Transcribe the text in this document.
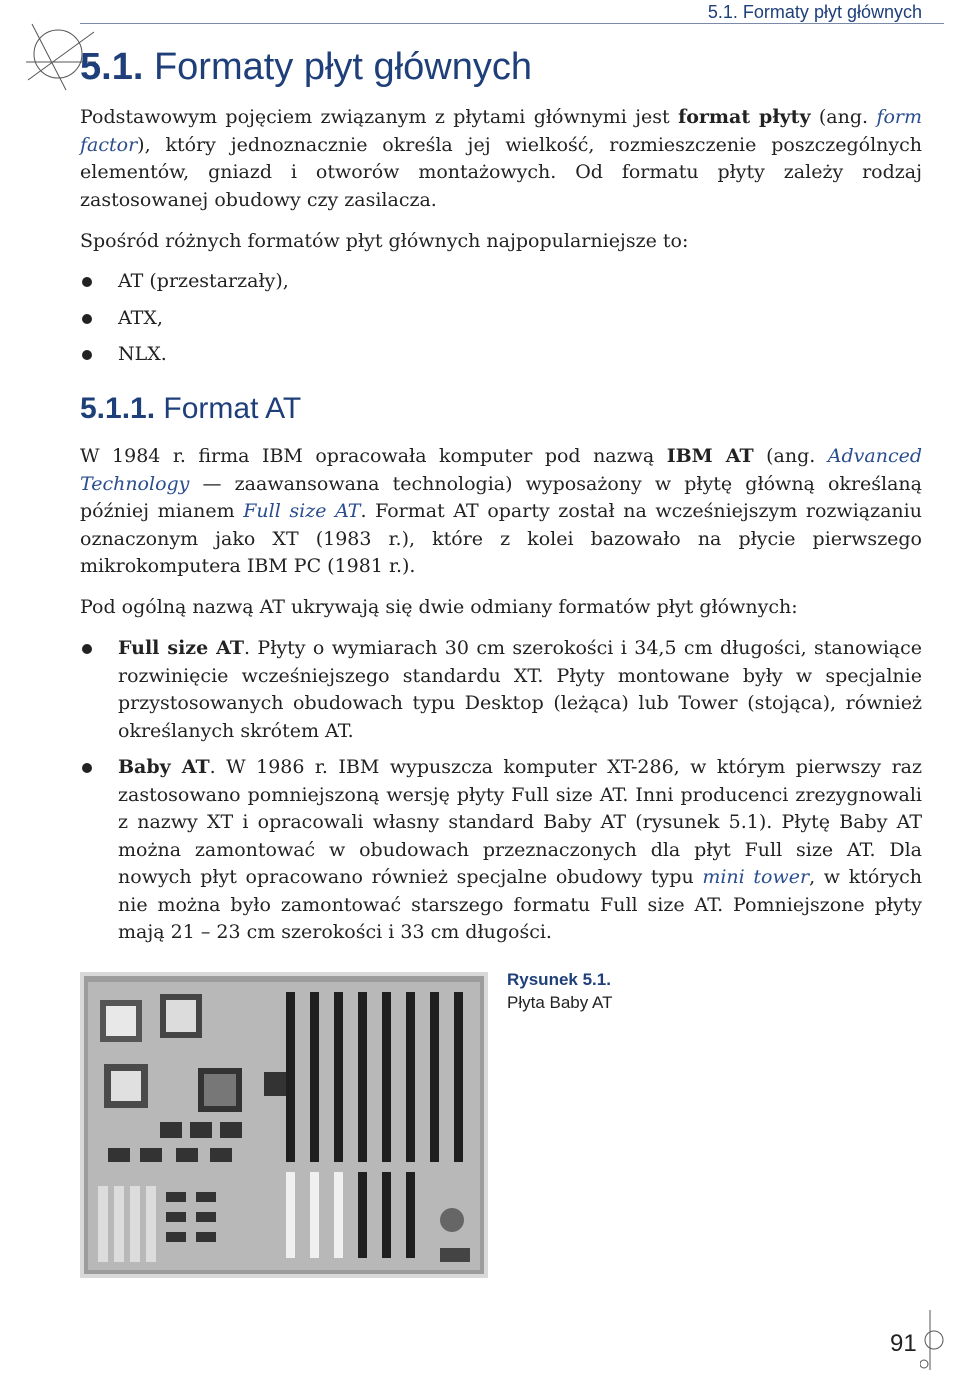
5.1. Formaty płyt głównych
5.1. Formaty płyt głównych

Podstawowym pojęciem związanym z płytami głównymi jest format płyty (ang. form factor), który jednoznacznie określa jej wielkość, rozmieszczenie poszczególnych elementów, gniazd i otworów montażowych. Od formatu płyty zależy rodzaj zastosowanej obudowy czy zasilacza.

Spośród różnych formatów płyt głównych najpopularniejsze to:

AT (przestarzały),
ATX,
NLX.
5.1.1. Format AT

W 1984 r. firma IBM opracowała komputer pod nazwą IBM AT (ang. Advanced Technology — zaawansowana technologia) wyposażony w płytę główną określaną później mianem Full size AT. Format AT oparty został na wcześniejszym rozwiązaniu oznaczonym jako XT (1983 r.), które z kolei bazowało na płycie pierwszego mikrokomputera IBM PC (1981 r.).

Pod ogólną nazwą AT ukrywają się dwie odmiany formatów płyt głównych:

Full size AT. Płyty o wymiarach 30 cm szerokości i 34,5 cm długości, stanowiące rozwinięcie wcześniejszego standardu XT. Płyty montowane były w specjalnie przystosowanych obudowach typu Desktop (leżąca) lub Tower (stojąca), również określanych skrótem AT.
Baby AT. W 1986 r. IBM wypuszcza komputer XT-286, w którym pierwszy raz zastosowano pomniejszoną wersję płyty Full size AT. Inni producenci zrezygnowali z nazwy XT i opracowali własny standard Baby AT (rysunek 5.1). Płytę Baby AT można zamontować w obudowach przeznaczonych dla płyt Full size AT. Dla nowych płyt opracowano również specjalne obudowy typu mini tower, w których nie można było zamontować starszego formatu Full size AT. Pomniejszone płyty mają 21 – 23 cm szerokości i 33 cm długości.
Rysunek 5.1.
Płyta Baby AT
91
